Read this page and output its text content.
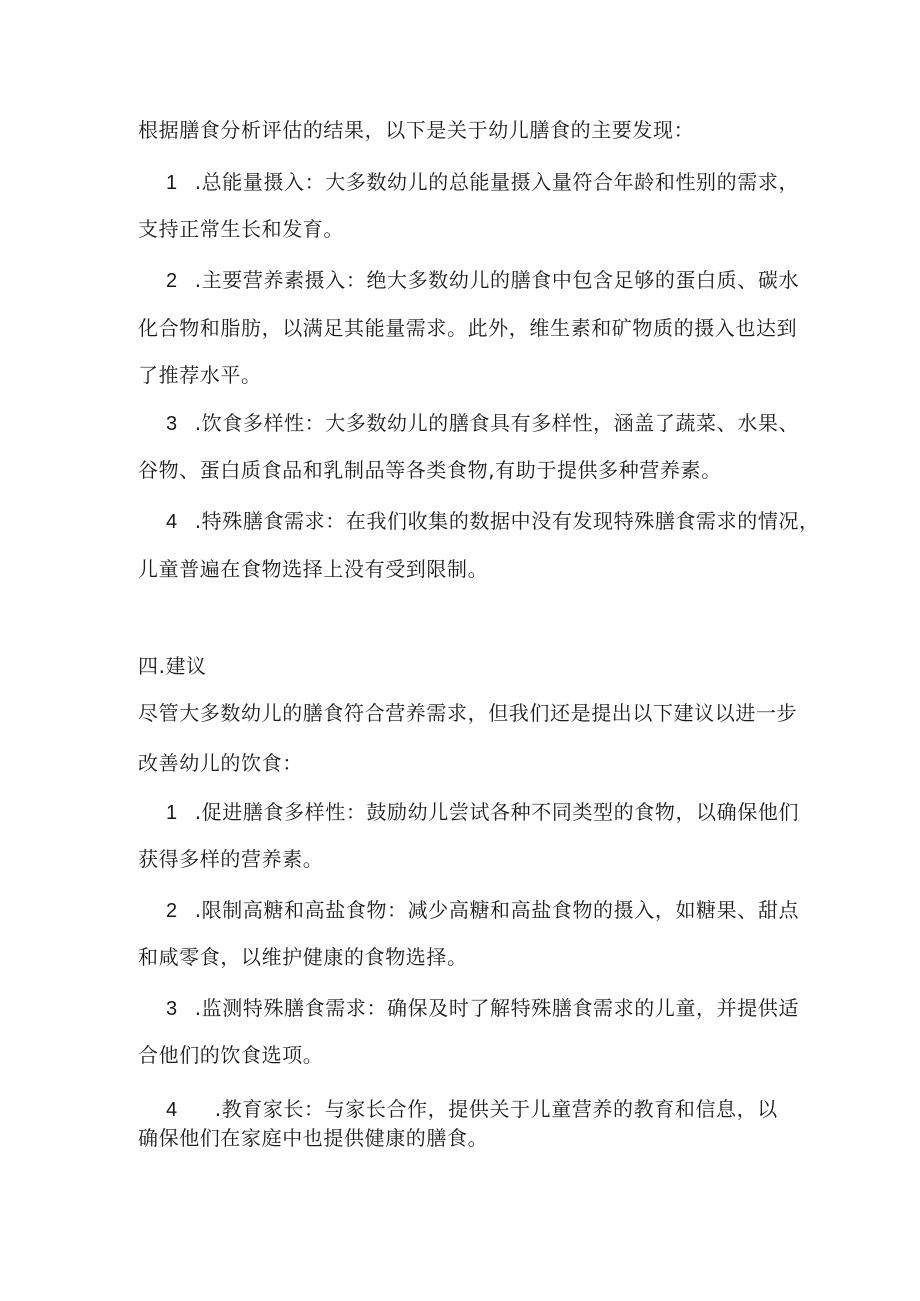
根据膳食分析评估的结果，以下是关于幼儿膳食的主要发现：
1 .总能量摄入：大多数幼儿的总能量摄入量符合年龄和性别的需求，
支持正常生长和发育。
2 .主要营养素摄入：绝大多数幼儿的膳食中包含足够的蛋白质、碳水
化合物和脂肪，以满足其能量需求。此外，维生素和矿物质的摄入也达到
了推荐水平。
3 .饮食多样性：大多数幼儿的膳食具有多样性，涵盖了蔬菜、水果、
谷物、蛋白质食品和乳制品等各类食物,有助于提供多种营养素。
4 .特殊膳食需求：在我们收集的数据中没有发现特殊膳食需求的情况，
儿童普遍在食物选择上没有受到限制。
四.建议
尽管大多数幼儿的膳食符合营养需求，但我们还是提出以下建议以进一步
改善幼儿的饮食：
1 .促进膳食多样性：鼓励幼儿尝试各种不同类型的食物，以确保他们
获得多样的营养素。
2 .限制高糖和高盐食物：减少高糖和高盐食物的摄入，如糖果、甜点
和咸零食，以维护健康的食物选择。
3 .监测特殊膳食需求：确保及时了解特殊膳食需求的儿童，并提供适
合他们的饮食选项。
4 .教育家长：与家长合作，提供关于儿童营养的教育和信息，以
确保他们在家庭中也提供健康的膳食。
